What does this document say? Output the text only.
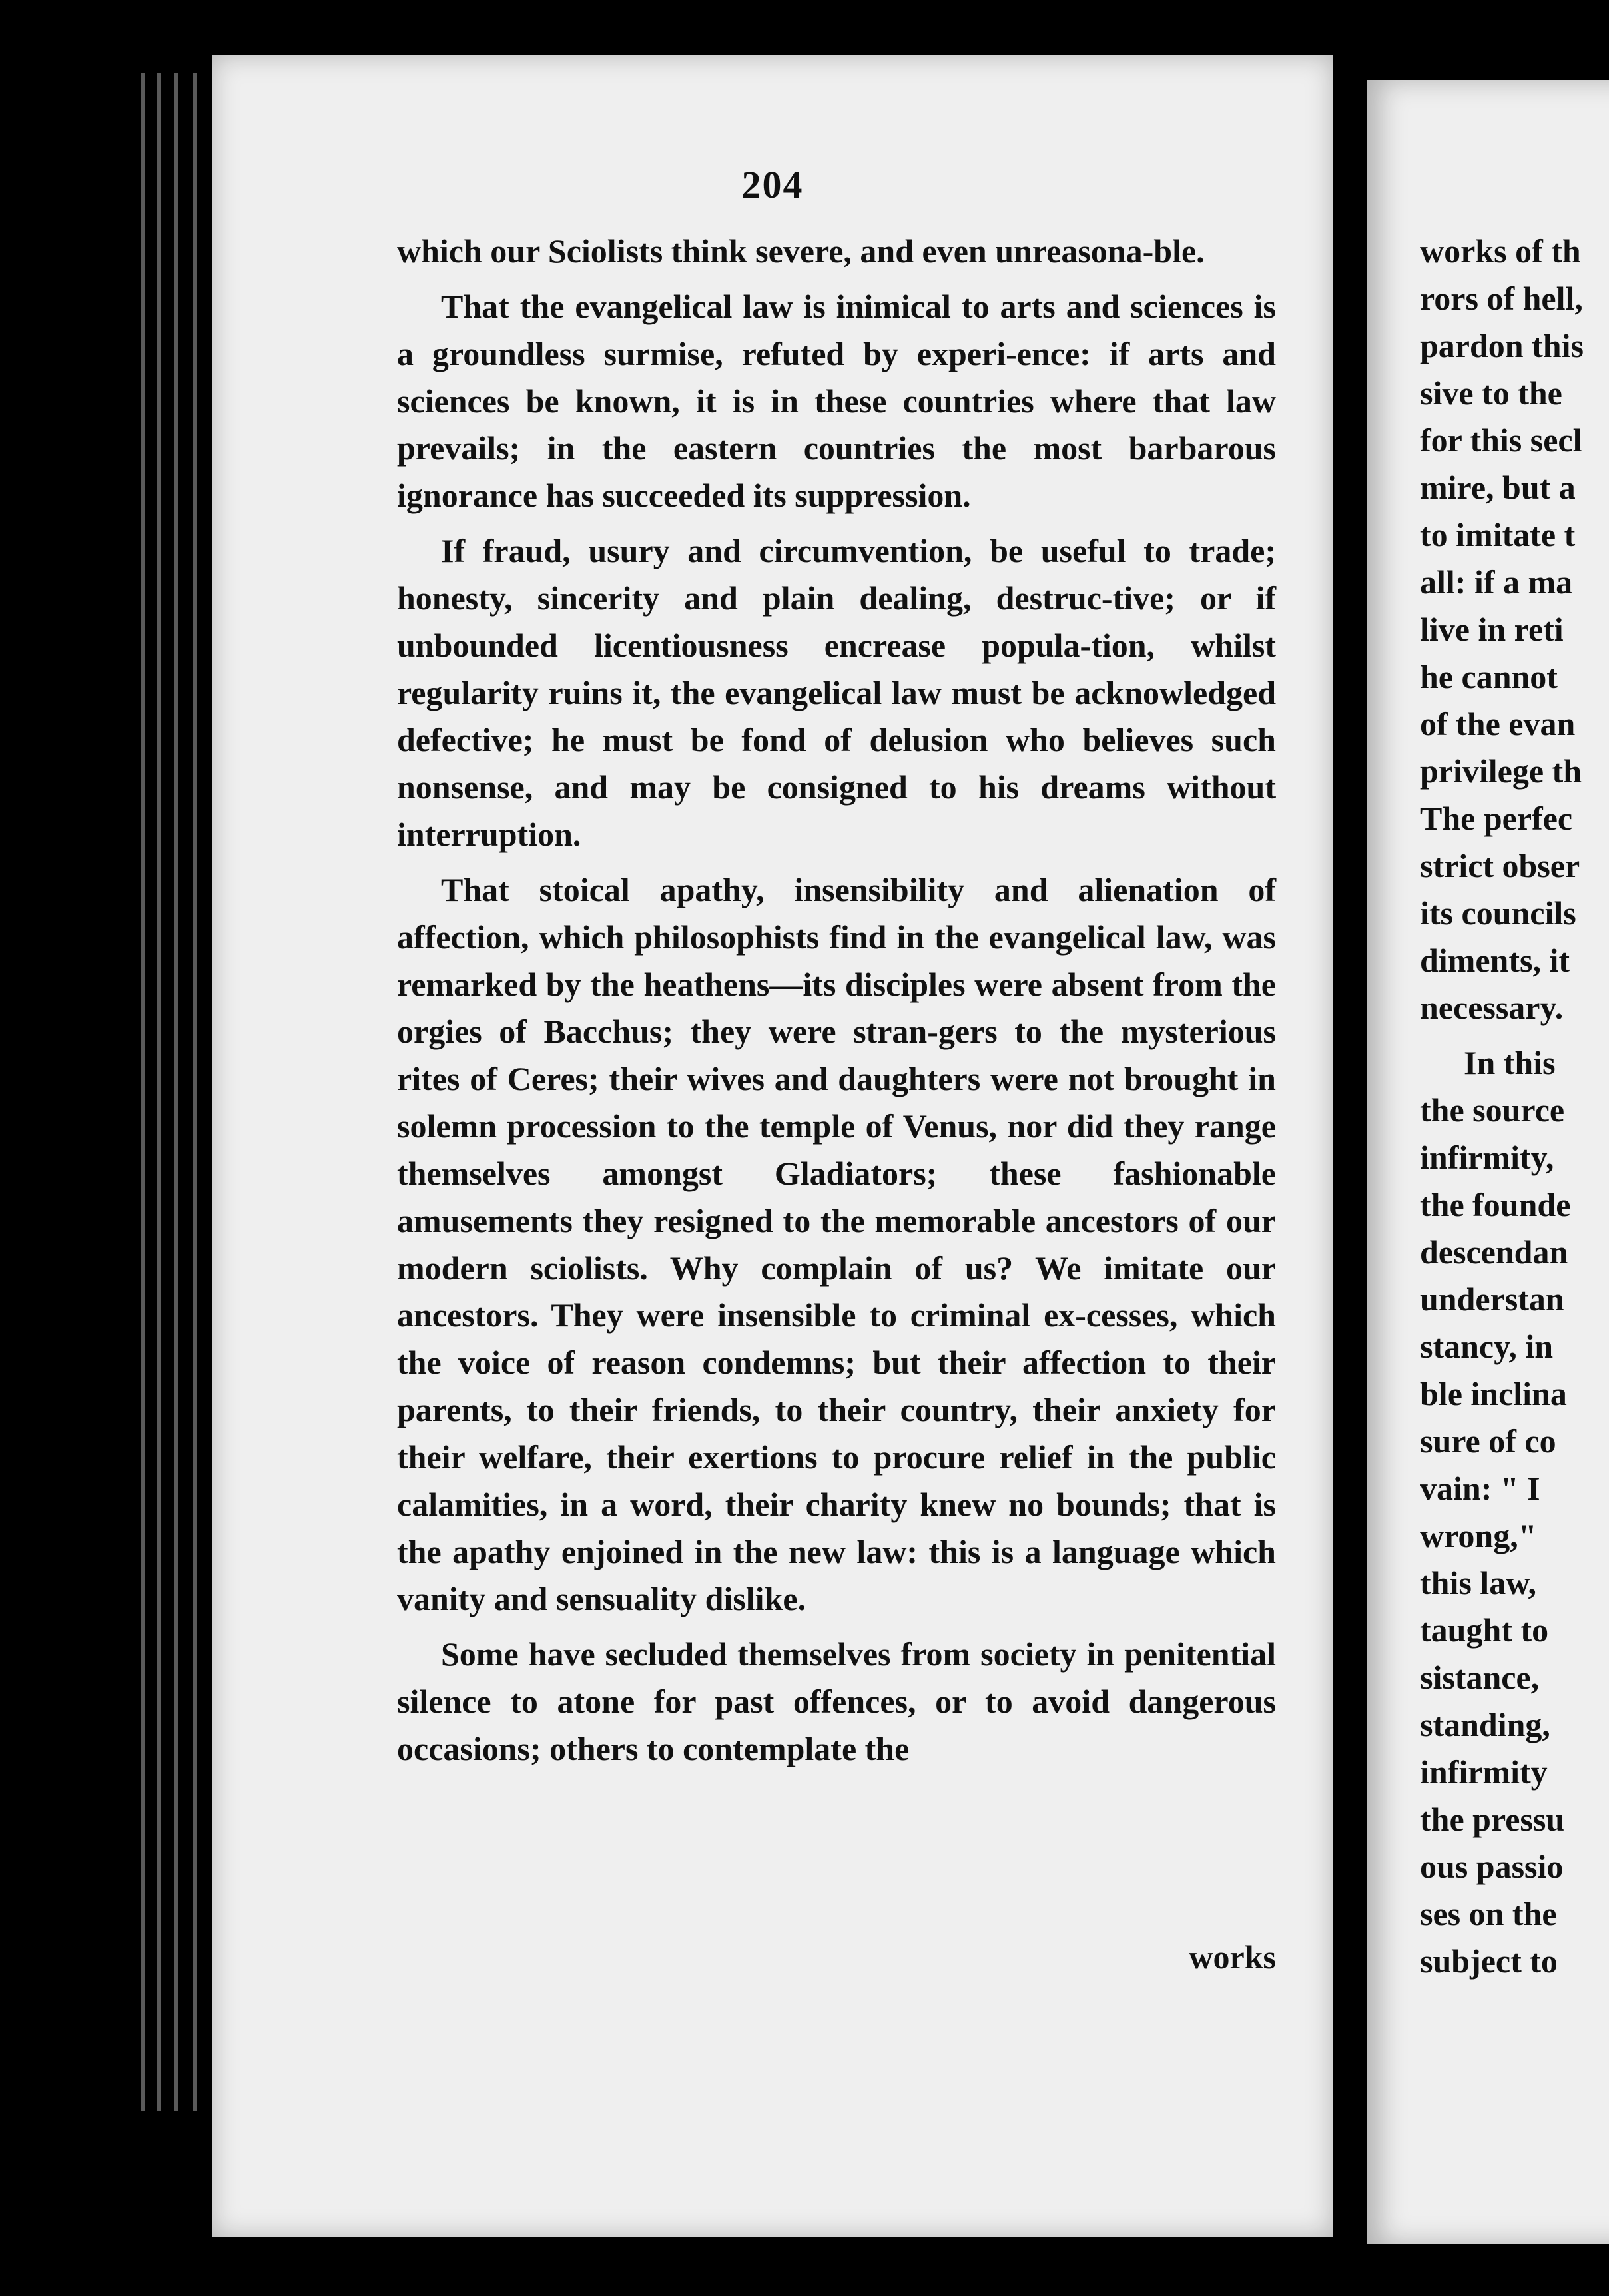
204

which our Sciolists think severe, and even unreasona-ble.

That the evangelical law is inimical to arts and sciences is a groundless surmise, refuted by experi-ence: if arts and sciences be known, it is in these countries where that law prevails; in the eastern countries the most barbarous ignorance has succeeded its suppression.

If fraud, usury and circumvention, be useful to trade; honesty, sincerity and plain dealing, destruc-tive; or if unbounded licentiousness encrease popula-tion, whilst regularity ruins it, the evangelical law must be acknowledged defective; he must be fond of delusion who believes such nonsense, and may be consigned to his dreams without interruption.

That stoical apathy, insensibility and alienation of affection, which philosophists find in the evangelical law, was remarked by the heathens—its disciples were absent from the orgies of Bacchus; they were stran-gers to the mysterious rites of Ceres; their wives and daughters were not brought in solemn procession to the temple of Venus, nor did they range themselves amongst Gladiators; these fashionable amusements they resigned to the memorable ancestors of our modern sciolists. Why complain of us? We imitate our ancestors. They were insensible to criminal ex-cesses, which the voice of reason condemns; but their affection to their parents, to their friends, to their country, their anxiety for their welfare, their exertions to procure relief in the public calamities, in a word, their charity knew no bounds; that is the apathy enjoined in the new law: this is a language which vanity and sensuality dislike.

Some have secluded themselves from society in penitential silence to atone for past offences, or to avoid dangerous occasions; others to contemplate the

works
works of th
rors of hell,
pardon this
sive to the
for this secl
mire, but a
to imitate t
all: if a ma
live in reti
he cannot
of the evan
privilege th
The perfec
strict obser
its councils
diments, it
necessary.
In this
the source
infirmity,
the founde
descendan
understan
stancy, in
ble inclina
sure of co
vain: " I
wrong,"
this law,
taught to
sistance,
standing,
infirmity
the pressu
ous passio
ses on the
subject to
